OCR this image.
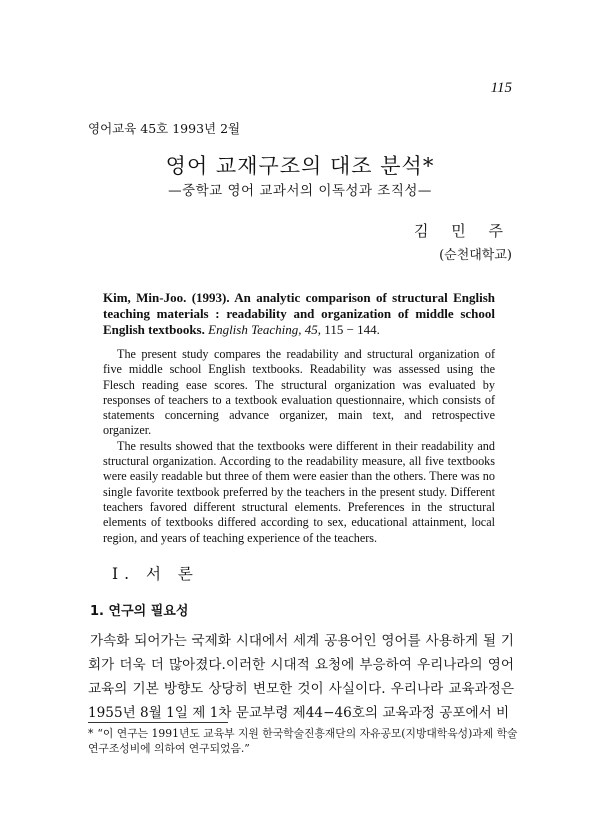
115
영어교육 45호 1993년 2월
영어 교재구조의 대조 분석*
—중학교 영어 교과서의 이독성과 조직성—
김 민 주
(순천대학교)

Kim, Min-Joo. (1993). An analytic comparison of structural English teaching materials : readability and organization of middle school English textbooks. English Teaching, 45, 115 − 144.

The present study compares the readability and structural organization of five middle school English textbooks. Readability was assessed using the Flesch reading ease scores. The structural organization was evaluated by responses of teachers to a textbook evaluation questionnaire, which consists of statements concerning advance organizer, main text, and retrospective organizer.

The results showed that the textbooks were different in their readability and structural organization. According to the readability measure, all five textbooks were easily readable but three of them were easier than the others. There was no single favorite textbook preferred by the teachers in the present study. Different teachers favored different structural elements. Preferences in the structural elements of textbooks differed according to sex, educational attainment, local region, and years of teaching experience of the teachers.

Ⅰ. 서 론
1. 연구의 필요성
가속화 되어가는 국제화 시대에서 세계 공용어인 영어를 사용하게 될 기회가 더욱 더 많아졌다.이러한 시대적 요청에 부응하여 우리나라의 영어교육의 기본 방향도 상당히 변모한 것이 사실이다. 우리나라 교육과정은 1955년 8월 1일 제 1차 문교부령 제44−46호의 교육과정 공포에서 비
* “이 연구는 1991년도 교육부 지원 한국학술진흥재단의 자유공모(지방대학육성)과제 학술연구조성비에 의하여 연구되었음.”
